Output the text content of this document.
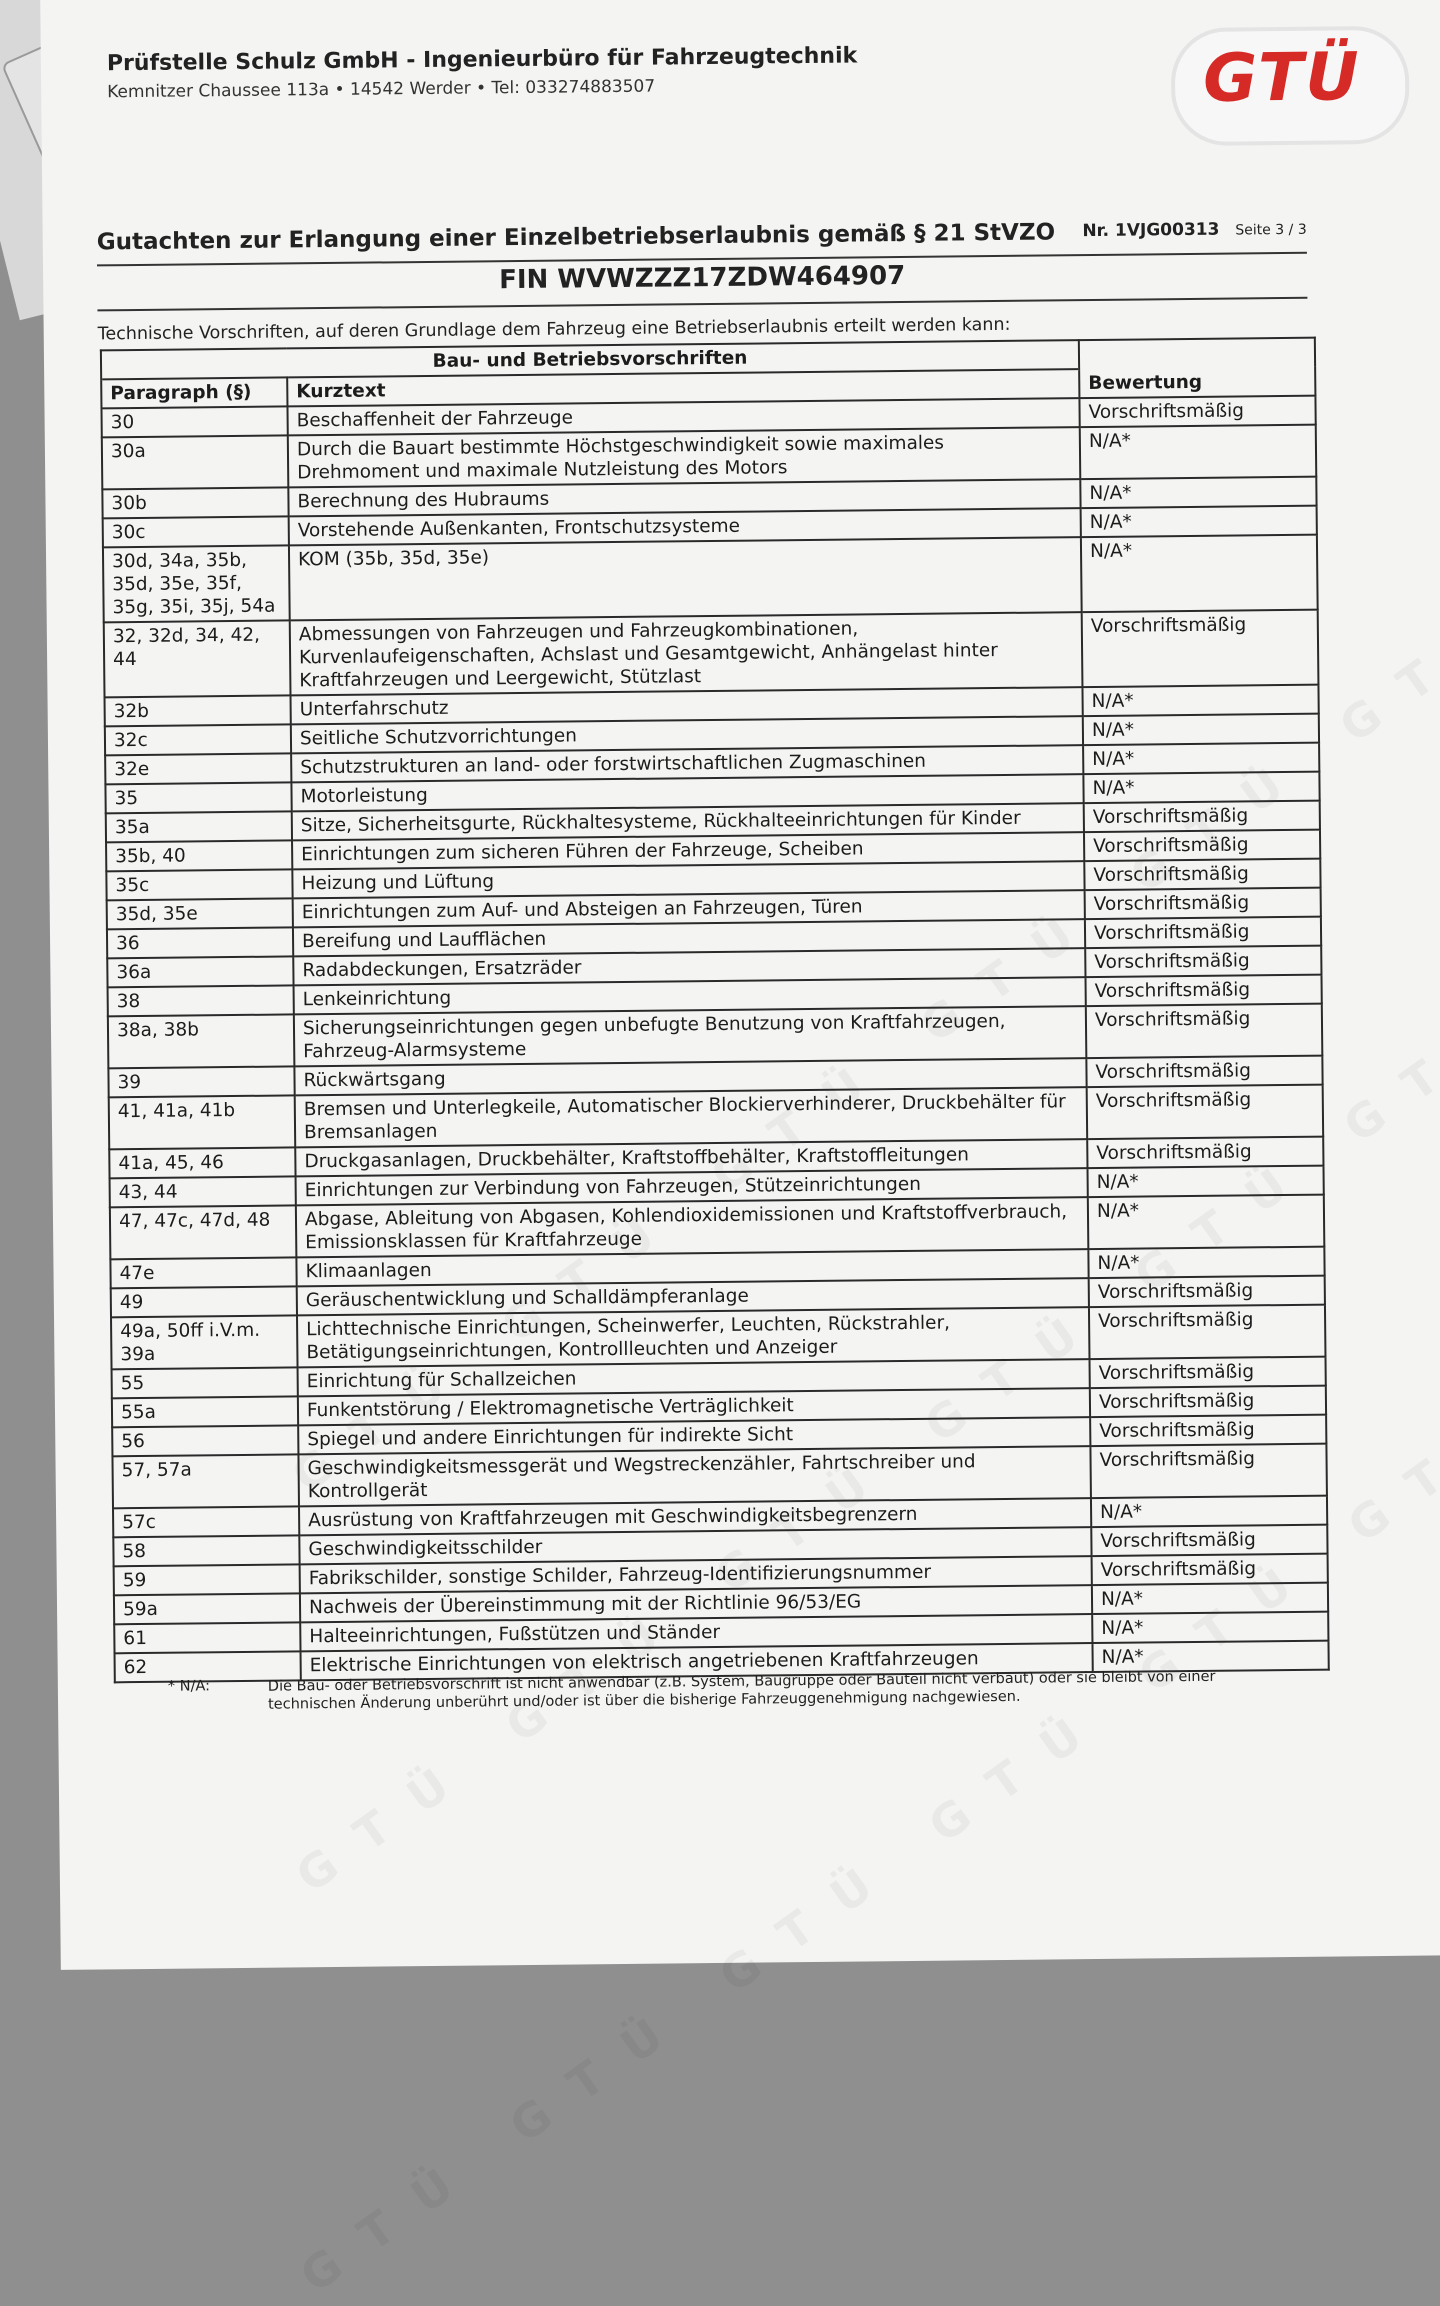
Prüfstelle Schulz GmbH - Ingenieurbüro für Fahrzeugtechnik
Kemnitzer Chaussee 113a • 14542 Werder • Tel: 033274883507	GTÜ
Gutachten zur Erlangung einer Einzelbetriebserlaubnis gemäß § 21 StVZO Nr. 1VJG00313 Seite 3 / 3
FIN WVWZZZ17ZDW464907
Technische Vorschriften, auf deren Grundlage dem Fahrzeug eine Betriebserlaubnis erteilt werden kann:
Bau- und Betriebsvorschriften		Bewertung
Paragraph (§)	Kurztext	
30	Beschaffenheit der Fahrzeuge	Vorschriftsmäßig
30a	Durch die Bauart bestimmte Höchstgeschwindigkeit sowie maximales Drehmoment und maximale Nutzleistung des Motors	N/A*
30b	Berechnung des Hubraums	N/A*
30c	Vorstehende Außenkanten, Frontschutzsysteme	N/A*
30d, 34a, 35b, 35d, 35e, 35f, 35g, 35i, 35j, 54a	KOM (35b, 35d, 35e)	N/A*
32, 32d, 34, 42, 44	Abmessungen von Fahrzeugen und Fahrzeugkombinationen, Kurvenlaufeigenschaften, Achslast und Gesamtgewicht, Anhängelast hinter Kraftfahrzeugen und Leergewicht, Stützlast	Vorschriftsmäßig
32b	Unterfahrschutz	N/A*
32c	Seitliche Schutzvorrichtungen	N/A*
32e	Schutzstrukturen an land- oder forstwirtschaftlichen Zugmaschinen	N/A*
35	Motorleistung	N/A*
35a	Sitze, Sicherheitsgurte, Rückhaltesysteme, Rückhalteeinrichtungen für Kinder	Vorschriftsmäßig
35b, 40	Einrichtungen zum sicheren Führen der Fahrzeuge, Scheiben	Vorschriftsmäßig
35c	Heizung und Lüftung	Vorschriftsmäßig
35d, 35e	Einrichtungen zum Auf- und Absteigen an Fahrzeugen, Türen	Vorschriftsmäßig
36	Bereifung und Laufflächen	Vorschriftsmäßig
36a	Radabdeckungen, Ersatzräder	Vorschriftsmäßig
38	Lenkeinrichtung	Vorschriftsmäßig
38a, 38b	Sicherungseinrichtungen gegen unbefugte Benutzung von Kraftfahrzeugen, Fahrzeug-Alarmsysteme	Vorschriftsmäßig
39	Rückwärtsgang	Vorschriftsmäßig
41, 41a, 41b	Bremsen und Unterlegkeile, Automatischer Blockierverhinderer, Druckbehälter für Bremsanlagen	Vorschriftsmäßig
41a, 45, 46	Druckgasanlagen, Druckbehälter, Kraftstoffbehälter, Kraftstoffleitungen	Vorschriftsmäßig
43, 44	Einrichtungen zur Verbindung von Fahrzeugen, Stützeinrichtungen	N/A*
47, 47c, 47d, 48	Abgase, Ableitung von Abgasen, Kohlendioxidemissionen und Kraftstoffverbrauch, Emissionsklassen für Kraftfahrzeuge	N/A*
47e	Klimaanlagen	N/A*
49	Geräuschentwicklung und Schalldämpferanlage	Vorschriftsmäßig
49a, 50ff i.V.m. 39a	Lichttechnische Einrichtungen, Scheinwerfer, Leuchten, Rückstrahler, Betätigungseinrichtungen, Kontrollleuchten und Anzeiger	Vorschriftsmäßig
55	Einrichtung für Schallzeichen	Vorschriftsmäßig
55a	Funkentstörung / Elektromagnetische Verträglichkeit	Vorschriftsmäßig
56	Spiegel und andere Einrichtungen für indirekte Sicht	Vorschriftsmäßig
57, 57a	Geschwindigkeitsmessgerät und Wegstreckenzähler, Fahrtschreiber und Kontrollgerät	Vorschriftsmäßig
57c	Ausrüstung von Kraftfahrzeugen mit Geschwindigkeitsbegrenzern	N/A*
58	Geschwindigkeitsschilder	Vorschriftsmäßig
59	Fabrikschilder, sonstige Schilder, Fahrzeug-Identifizierungsnummer	Vorschriftsmäßig
59a	Nachweis der Übereinstimmung mit der Richtlinie 96/53/EG	N/A*
61	Halteeinrichtungen, Fußstützen und Ständer	N/A*
62	Elektrische Einrichtungen von elektrisch angetriebenen Kraftfahrzeugen	N/A*
* N/A:	Die Bau- oder Betriebsvorschrift ist nicht anwendbar (z.B. System, Baugruppe oder Bauteil nicht verbaut) oder sie bleibt von einer technischen Änderung unberührt und/oder ist über die bisherige Fahrzeuggenehmigung nachgewiesen.
